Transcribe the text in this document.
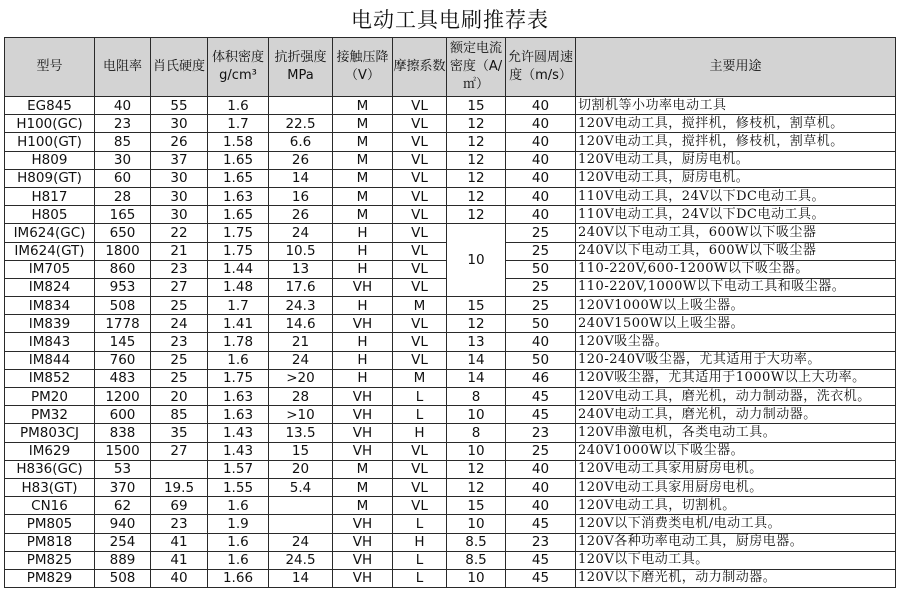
电动工具电刷推荐表
型号	电阻率	肖氏硬度	体积密度g/cm³	抗折强度MPa	接触压降（V）	摩擦系数	额定电流密度（A/㎡）	允许圆周速度（m/s）	主要用途
EG845	40	55	1.6		M	VL	15	40	切割机等小功率电动工具
H100(GC)	23	30	1.7	22.5	M	VL	12	40	120V电动工具，搅拌机，修枝机，割草机。
H100(GT)	85	26	1.58	6.6	M	VL	12	40	120V电动工具，搅拌机，修枝机，割草机。
H809	30	37	1.65	26	M	VL	12	40	120V电动工具，厨房电机。
H809(GT)	60	30	1.65	14	M	VL	12	40	120V电动工具，厨房电机。
H817	28	30	1.63	16	M	VL	12	40	110V电动工具，24V以下DC电动工具。
H805	165	30	1.65	26	M	VL	12	40	110V电动工具，24V以下DC电动工具。
IM624(GC)	650	22	1.75	24	H	VL	10	25	240V以下电动工具，600W以下吸尘器
IM624(GT)	1800	21	1.75	10.5	H	VL		25	240V以下电动工具，600W以下吸尘器
IM705	860	23	1.44	13	H	VL		50	110-220V,600-1200W以下吸尘器。
IM824	953	27	1.48	17.6	VH	VL		25	110-220V,1000W以下电动工具和吸尘器。
IM834	508	25	1.7	24.3	H	M	15	25	120V1000W以上吸尘器。
IM839	1778	24	1.41	14.6	VH	VL	12	50	240V1500W以上吸尘器。
IM843	145	23	1.78	21	H	VL	13	40	120V吸尘器。
IM844	760	25	1.6	24	H	VL	14	50	120-240V吸尘器，尤其适用于大功率。
IM852	483	25	1.75	>20	H	M	14	46	120V吸尘器，尤其适用于1000W以上大功率。
PM20	1200	20	1.63	28	VH	L	8	45	120V电动工具，磨光机，动力制动器，洗衣机。
PM32	600	85	1.63	>10	VH	L	10	45	240V电动工具，磨光机，动力制动器。
PM803CJ	838	35	1.43	13.5	VH	H	8	23	120V串激电机，各类电动工具。
IM629	1500	27	1.43	15	VH	VL	10	25	240V1000W以下吸尘器。
H836(GC)	53		1.57	20	M	VL	12	40	120V电动工具家用厨房电机。
H83(GT)	370	19.5	1.55	5.4	M	VL	12	40	120V电动工具家用厨房电机。
CN16	62	69	1.6		M	VL	15	40	120V电动工具，切割机。
PM805	940	23	1.9		VH	L	10	45	120V以下消费类电机/电动工具。
PM818	254	41	1.6	24	VH	H	8.5	23	120V各种功率电动工具，厨房电器。
PM825	889	41	1.6	24.5	VH	L	8.5	45	120V以下电动工具。
PM829	508	40	1.66	14	VH	L	10	45	120V以下磨光机，动力制动器。
